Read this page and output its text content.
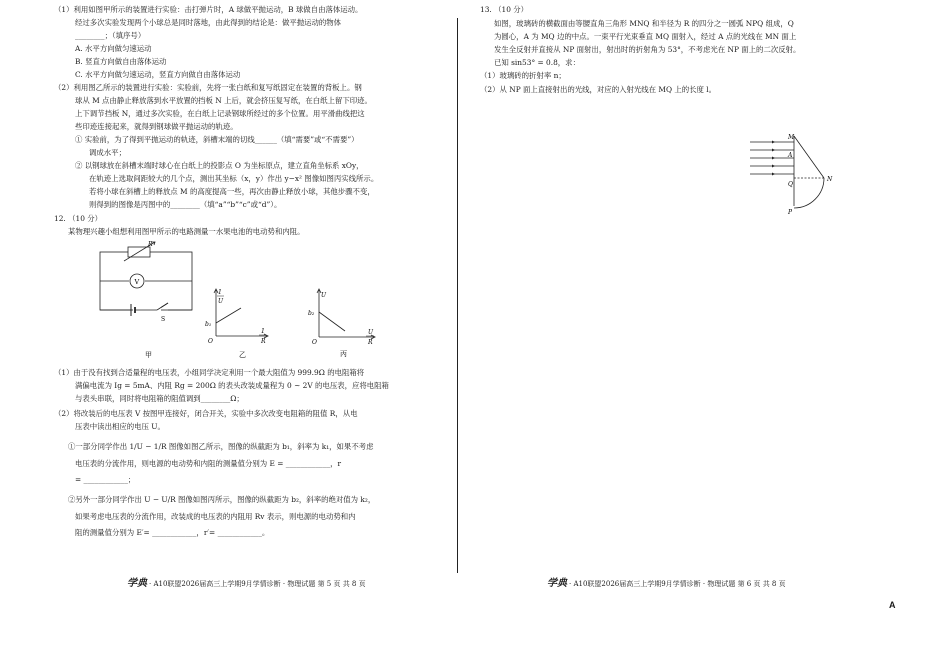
（1）利用如图甲所示的装置进行实验：击打弹片时，A 球做平抛运动，B 球做自由落体运动。
经过多次实验发现两个小球总是同时落地，由此得到的结论是：做平抛运动的物体
________；（填序号）
A. 水平方向做匀速运动
B. 竖直方向做自由落体运动
C. 水平方向做匀速运动，竖直方向做自由落体运动
（2）利用图乙所示的装置进行实验：实验前，先将一张白纸和复写纸固定在装置的背板上。钢
球从 M 点由静止释放落到水平放置的挡板 N 上后，就会挤压复写纸，在白纸上留下印迹。
上下调节挡板 N，通过多次实验，在白纸上记录钢球所经过的多个位置。用平滑曲线把这
些印迹连接起来，就得到钢球做平抛运动的轨迹。
① 实验前，为了得到平抛运动的轨迹，斜槽末端的切线______（填“需要”或“不需要”）
调成水平；
② 以钢球放在斜槽末端时球心在白纸上的投影点 O 为坐标原点，建立直角坐标系 xOy，
在轨迹上选取间距较大的几个点，测出其坐标（x，y）作出 y−x² 图像如图丙实线所示。
若将小球在斜槽上的释放点 M 的高度提高一些，再次由静止释放小球，其他步骤不变，
则得到的图像是丙图中的________（填“a”“b”“c”或“d”）。
12. （10 分）
某物理兴趣小组想利用图甲所示的电路测量一水果电池的电动势和内阻。
R
V
S
甲
1
U
b₁
O
1
R
乙
U
b₂
O
U
R
丙
（1）由于没有找到合适量程的电压表，小组同学决定利用一个最大阻值为 999.9Ω 的电阻箱将
满偏电流为 Ig = 5mA、内阻 Rg = 200Ω 的表头改装成量程为 0 ~ 2V 的电压表，应将电阻箱
与表头串联，同时将电阻箱的阻值调到________Ω；
（2）将改装后的电压表 V 按图甲连接好，闭合开关，实验中多次改变电阻箱的阻值 R，从电
压表中读出相应的电压 U。
①一部分同学作出 1/U − 1/R 图像如图乙所示，图像的纵截距为 b₁，斜率为 k₁，如果不考虑
电压表的分流作用，则电源的电动势和内阻的测量值分别为 E = ____________，r
= ____________；
②另外一部分同学作出 U − U/R 图像如图丙所示，图像的纵截距为 b₂，斜率的绝对值为 k₂，
如果考虑电压表的分流作用，改装成的电压表的内阻用 Rv 表示，则电源的电动势和内
阻的测量值分别为 E′= ____________，r′= ____________。
学典 · A10联盟2026届高三上学期9月学情诊断 · 物理试题 第 5 页 共 8 页
13. （10 分）
如图，玻璃砖的横截面由等腰直角三角形 MNQ 和半径为 R 的四分之一圆弧 NPQ 组成，Q
为圆心，A 为 MQ 边的中点。一束平行光束垂直 MQ 面射入，经过 A 点的光线在 MN 面上
发生全反射并直接从 NP 面射出，射出时的折射角为 53°，不考虑光在 NP 面上的二次反射。
已知 sin53° = 0.8，求：
（1）玻璃砖的折射率 n；
（2）从 NP 面上直接射出的光线，对应的入射光线在 MQ 上的长度 l。
M
A
Q
N
P
学典 · A10联盟2026届高三上学期9月学情诊断 · 物理试题 第 6 页 共 8 页
A
